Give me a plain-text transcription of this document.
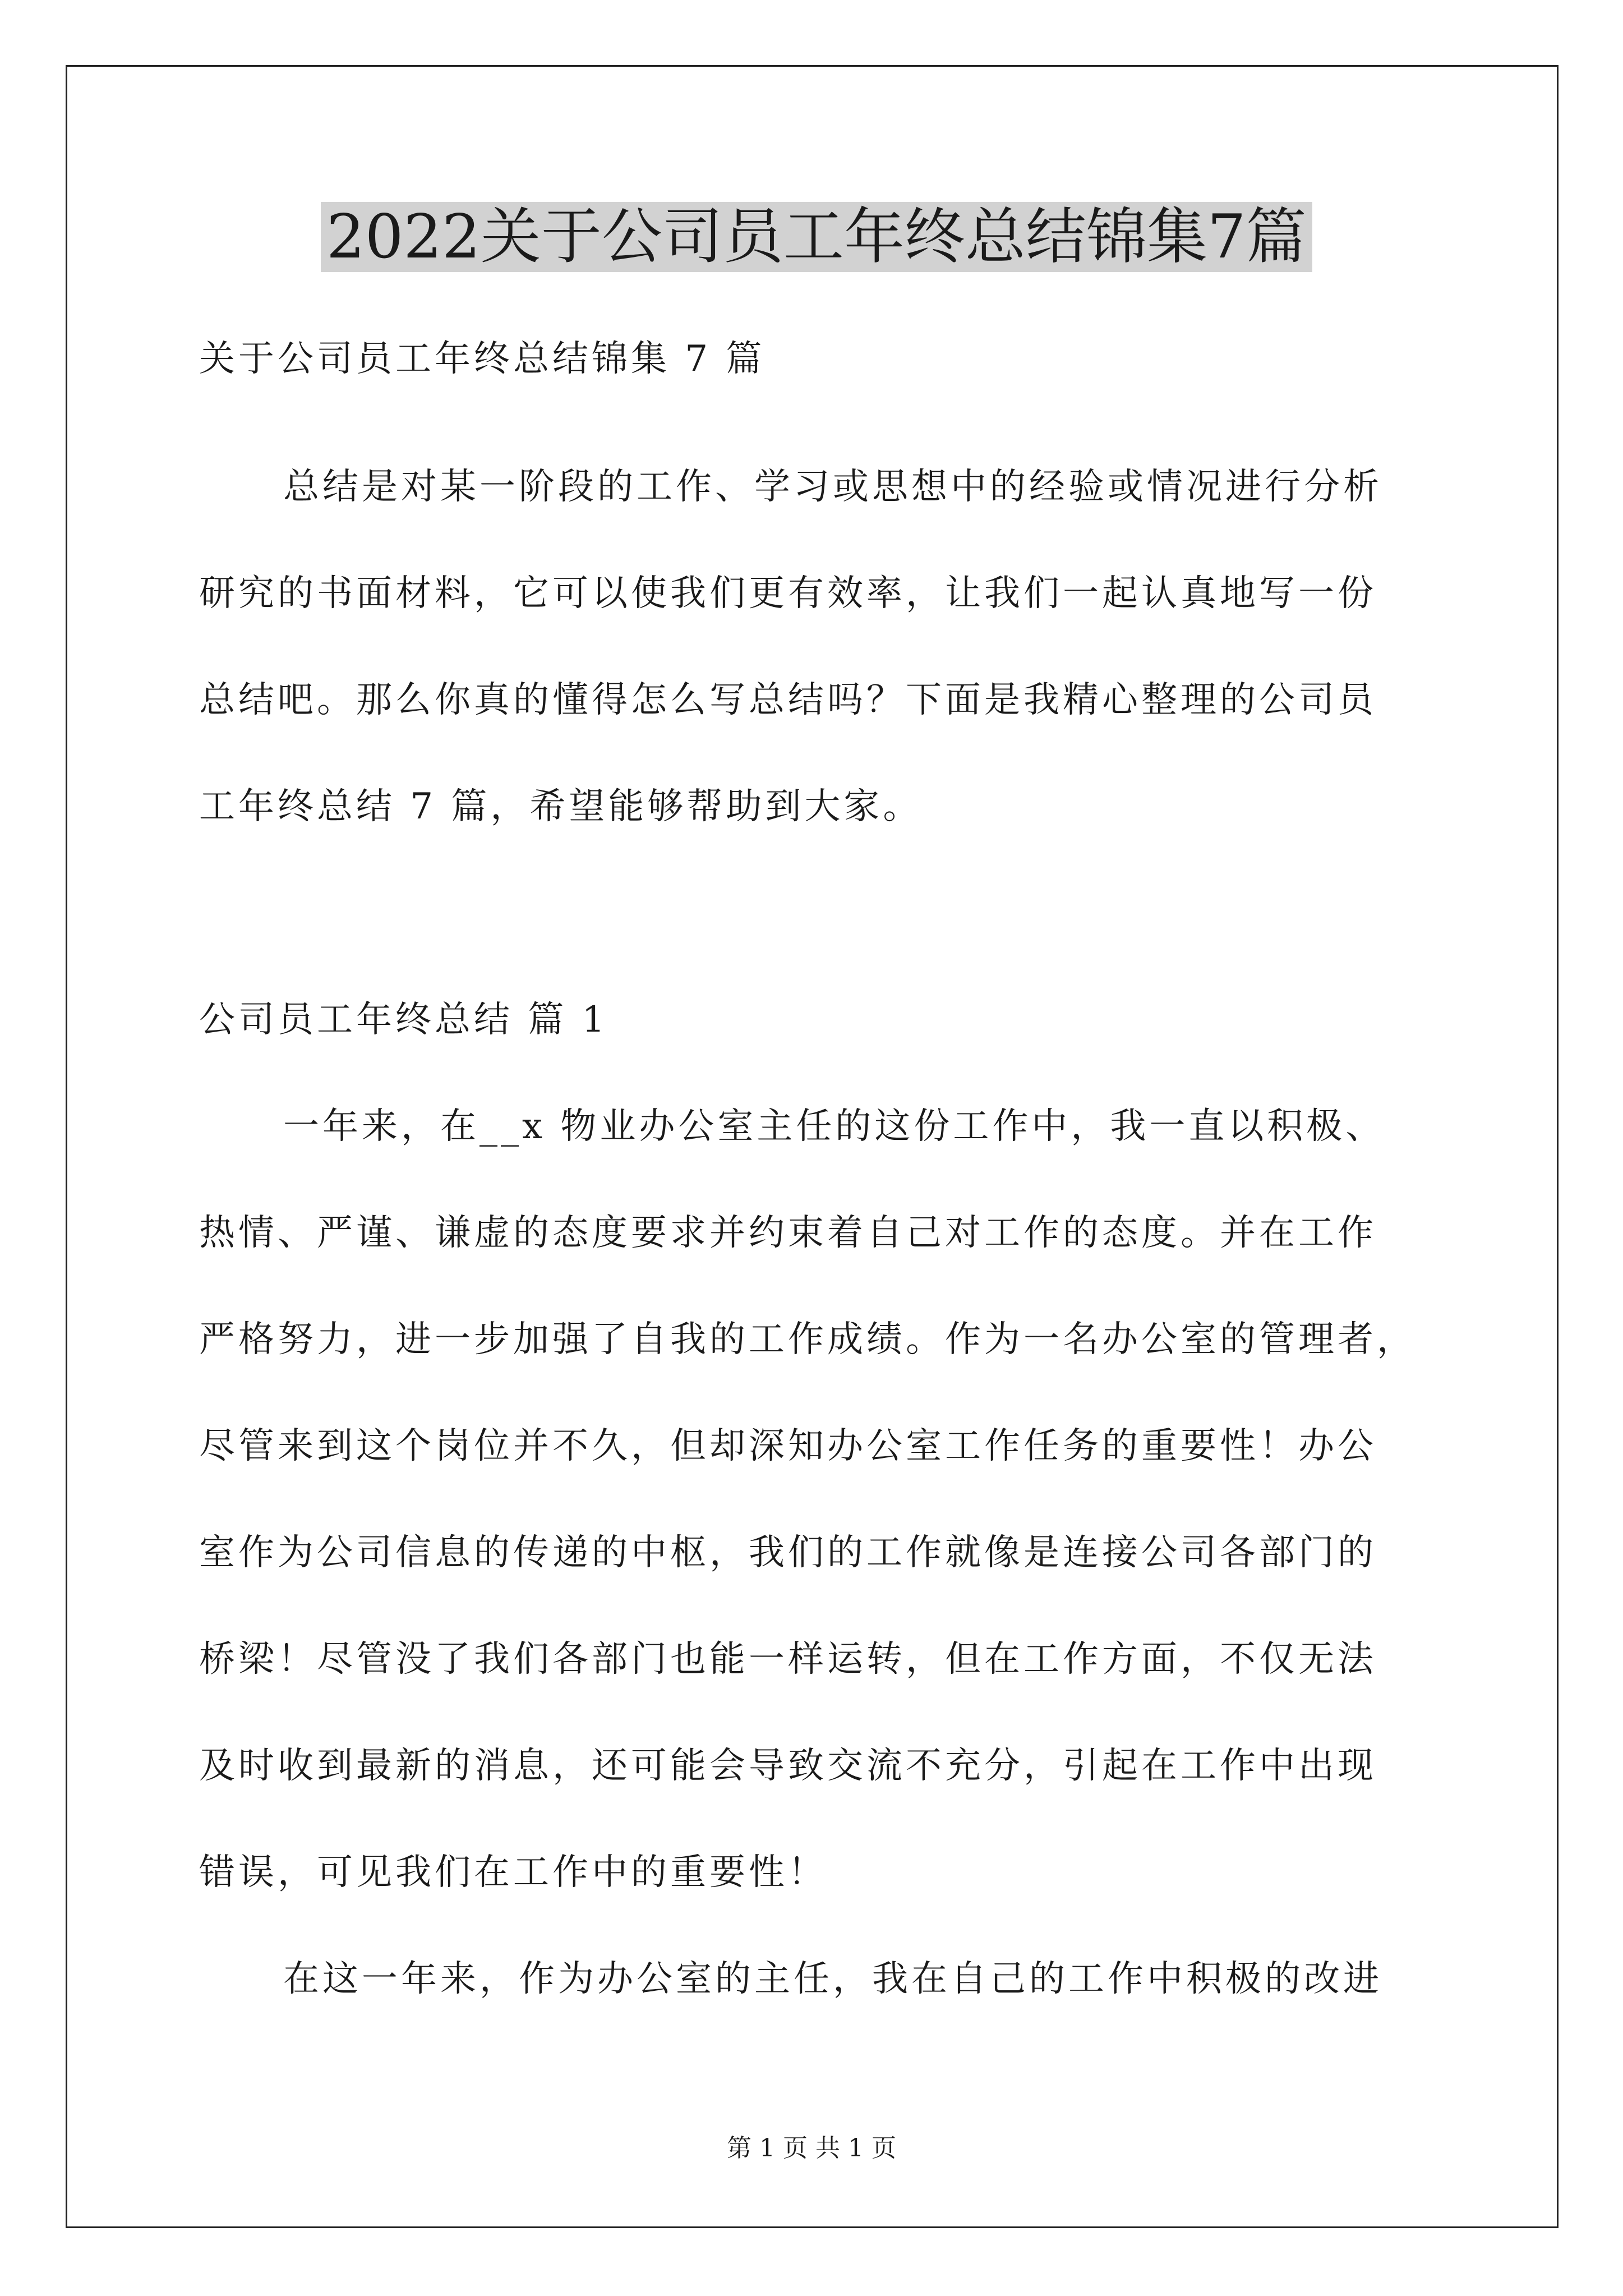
2022关于公司员工年终总结锦集7篇
关于公司员工年终总结锦集 7 篇
总结是对某一阶段的工作、学习或思想中的经验或情况进行分析
研究的书面材料，它可以使我们更有效率，让我们一起认真地写一份
总结吧。那么你真的懂得怎么写总结吗？下面是我精心整理的公司员
工年终总结 7 篇，希望能够帮助到大家。
公司员工年终总结 篇 1
一年来，在__x 物业办公室主任的这份工作中，我一直以积极、
热情、严谨、谦虚的态度要求并约束着自己对工作的态度。并在工作
严格努力，进一步加强了自我的工作成绩。作为一名办公室的管理者，
尽管来到这个岗位并不久，但却深知办公室工作任务的重要性！办公
室作为公司信息的传递的中枢，我们的工作就像是连接公司各部门的
桥梁！尽管没了我们各部门也能一样运转，但在工作方面，不仅无法
及时收到最新的消息，还可能会导致交流不充分，引起在工作中出现
错误，可见我们在工作中的重要性！
在这一年来，作为办公室的主任，我在自己的工作中积极的改进
第 1 页 共 1 页
